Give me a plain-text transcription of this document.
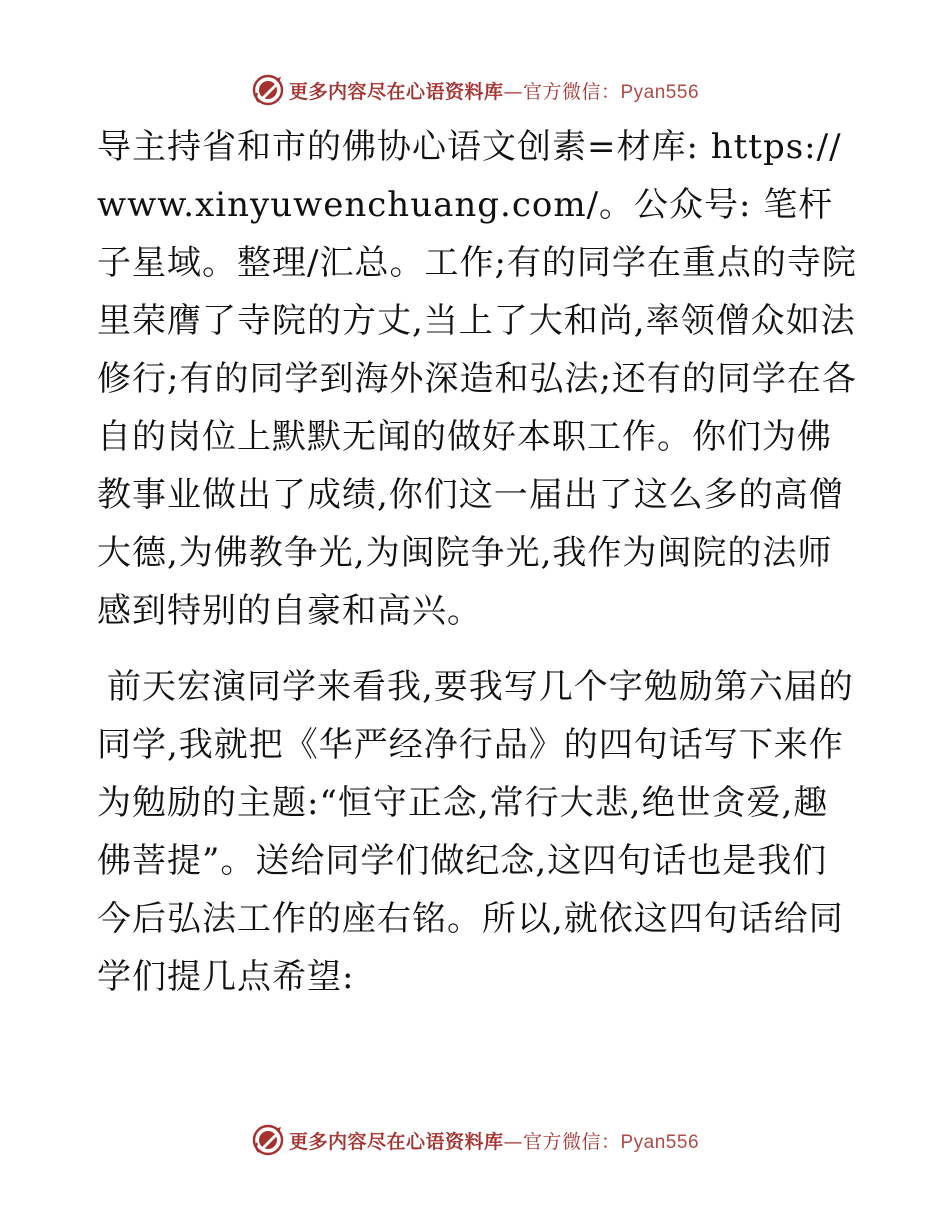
更多内容尽在心语资料库—官方微信：Pyan556

导主持省和市的佛协心语文创素=材库: https://www.xinyuwenchuang.com/。公众号: 笔杆子星域。整理/汇总。工作;有的同学在重点的寺院里荣膺了寺院的方丈,当上了大和尚,率领僧众如法修行;有的同学到海外深造和弘法;还有的同学在各自的岗位上默默无闻的做好本职工作。你们为佛教事业做出了成绩,你们这一届出了这么多的高僧大德,为佛教争光,为闽院争光,我作为闽院的法师感到特别的自豪和高兴。

前天宏演同学来看我,要我写几个字勉励第六届的同学,我就把《华严经净行品》的四句话写下来作为勉励的主题:“恒守正念,常行大悲,绝世贪爱,趣佛菩提”。送给同学们做纪念,这四句话也是我们今后弘法工作的座右铭。所以,就依这四句话给同学们提几点希望:

更多内容尽在心语资料库—官方微信：Pyan556
